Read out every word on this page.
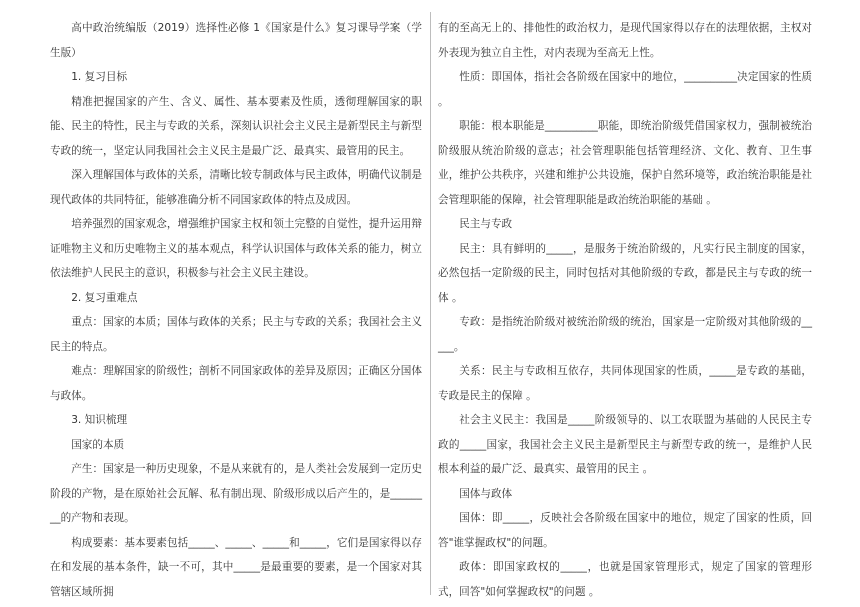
高中政治统编版（2019）选择性必修 1《国家是什么》复习课导学案（学生版）

1. 复习目标

精准把握国家的产生、含义、属性、基本要素及性质，透彻理解国家的职能、民主的特性，民主与专政的关系，深刻认识社会主义民主是新型民主与新型专政的统一，坚定认同我国社会主义民主是最广泛、最真实、最管用的民主。

深入理解国体与政体的关系，清晰比较专制政体与民主政体，明确代议制是现代政体的共同特征，能够准确分析不同国家政体的特点及成因。

培养强烈的国家观念，增强维护国家主权和领土完整的自觉性，提升运用辩证唯物主义和历史唯物主义的基本观点，科学认识国体与政体关系的能力，树立依法维护人民民主的意识，积极参与社会主义民主建设。

2. 复习重难点

重点：国家的本质；国体与政体的关系；民主与专政的关系；我国社会主义民主的特点。

难点：理解国家的阶级性；剖析不同国家政体的差异及原因；正确区分国体与政体。

3. 知识梳理

国家的本质

产生：国家是一种历史现象，不是从来就有的，是人类社会发展到一定历史阶段的产物，是在原始社会瓦解、私有制出现、阶级形成以后产生的，是________的产物和表现。

构成要素：基本要素包括_____、_____、_____和_____，它们是国家得以存在和发展的基本条件，缺一不可，其中_____是最重要的要素，是一个国家对其管辖区域所拥

有的至高无上的、排他性的政治权力，是现代国家得以存在的法理依据，主权对外表现为独立自主性，对内表现为至高无上性。

性质：即国体，指社会各阶级在国家中的地位，__________决定国家的性质 。

职能：根本职能是__________职能，即统治阶级凭借国家权力，强制被统治阶级服从统治阶级的意志；社会管理职能包括管理经济、文化、教育、卫生事业，维护公共秩序，兴建和维护公共设施，保护自然环境等，政治统治职能是社会管理职能的保障，社会管理职能是政治统治职能的基础 。

民主与专政

民主：具有鲜明的_____，是服务于统治阶级的，凡实行民主制度的国家，必然包括一定阶级的民主，同时包括对其他阶级的专政，都是民主与专政的统一体 。

专政：是指统治阶级对被统治阶级的统治，国家是一定阶级对其他阶级的_____。

关系：民主与专政相互依存，共同体现国家的性质，_____是专政的基础，专政是民主的保障 。

社会主义民主：我国是_____阶级领导的、以工农联盟为基础的人民民主专政的_____国家，我国社会主义民主是新型民主与新型专政的统一，是维护人民根本利益的最广泛、最真实、最管用的民主 。

国体与政体

国体：即_____，反映社会各阶级在国家中的地位，规定了国家的性质，回答"谁掌握政权"的问题。

政体：即国家政权的_____，也就是国家管理形式，规定了国家的管理形式，回答"如何掌握政权"的问题 。
